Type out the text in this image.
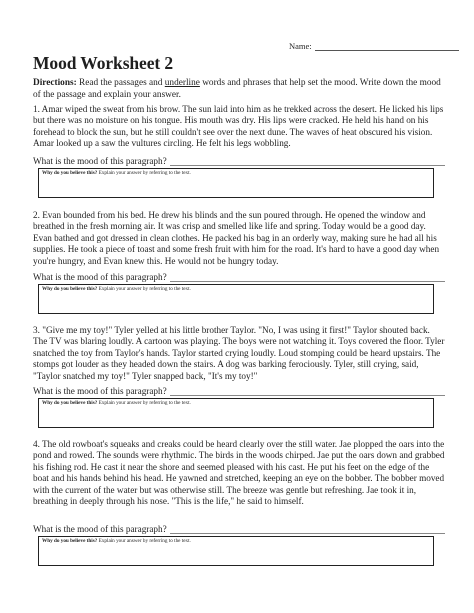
Name:
Mood Worksheet 2

Directions: Read the passages and underline words and phrases that help set the mood. Write down the mood of the passage and explain your answer.

1. Amar wiped the sweat from his brow. The sun laid into him as he trekked across the desert. He licked his lips but there was no moisture on his tongue. His mouth was dry. His lips were cracked. He held his hand on his forehead to block the sun, but he still couldn't see over the next dune. The waves of heat obscured his vision. Amar looked up a saw the vultures circling. He felt his legs wobbling.

What is the mood of this paragraph?
Why do you believe this? Explain your answer by referring to the text.

2. Evan bounded from his bed. He drew his blinds and the sun poured through. He opened the window and breathed in the fresh morning air. It was crisp and smelled like life and spring. Today would be a good day. Evan bathed and got dressed in clean clothes. He packed his bag in an orderly way, making sure he had all his supplies. He took a piece of toast and some fresh fruit with him for the road. It's hard to have a good day when you're hungry, and Evan knew this. He would not be hungry today.

What is the mood of this paragraph?
Why do you believe this? Explain your answer by referring to the text.

3. "Give me my toy!" Tyler yelled at his little brother Taylor. "No, I was using it first!" Taylor shouted back. The TV was blaring loudly. A cartoon was playing. The boys were not watching it. Toys covered the floor. Tyler snatched the toy from Taylor's hands. Taylor started crying loudly. Loud stomping could be heard upstairs. The stomps got louder as they headed down the stairs. A dog was barking ferociously. Tyler, still crying, said, "Taylor snatched my toy!" Tyler snapped back, "It's my toy!"

What is the mood of this paragraph?
Why do you believe this? Explain your answer by referring to the text.

4. The old rowboat's squeaks and creaks could be heard clearly over the still water. Jae plopped the oars into the pond and rowed. The sounds were rhythmic. The birds in the woods chirped. Jae put the oars down and grabbed his fishing rod. He cast it near the shore and seemed pleased with his cast. He put his feet on the edge of the boat and his hands behind his head. He yawned and stretched, keeping an eye on the bobber. The bobber moved with the current of the water but was otherwise still. The breeze was gentle but refreshing. Jae took it in, breathing in deeply through his nose. "This is the life," he said to himself.

What is the mood of this paragraph?
Why do you believe this? Explain your answer by referring to the text.
